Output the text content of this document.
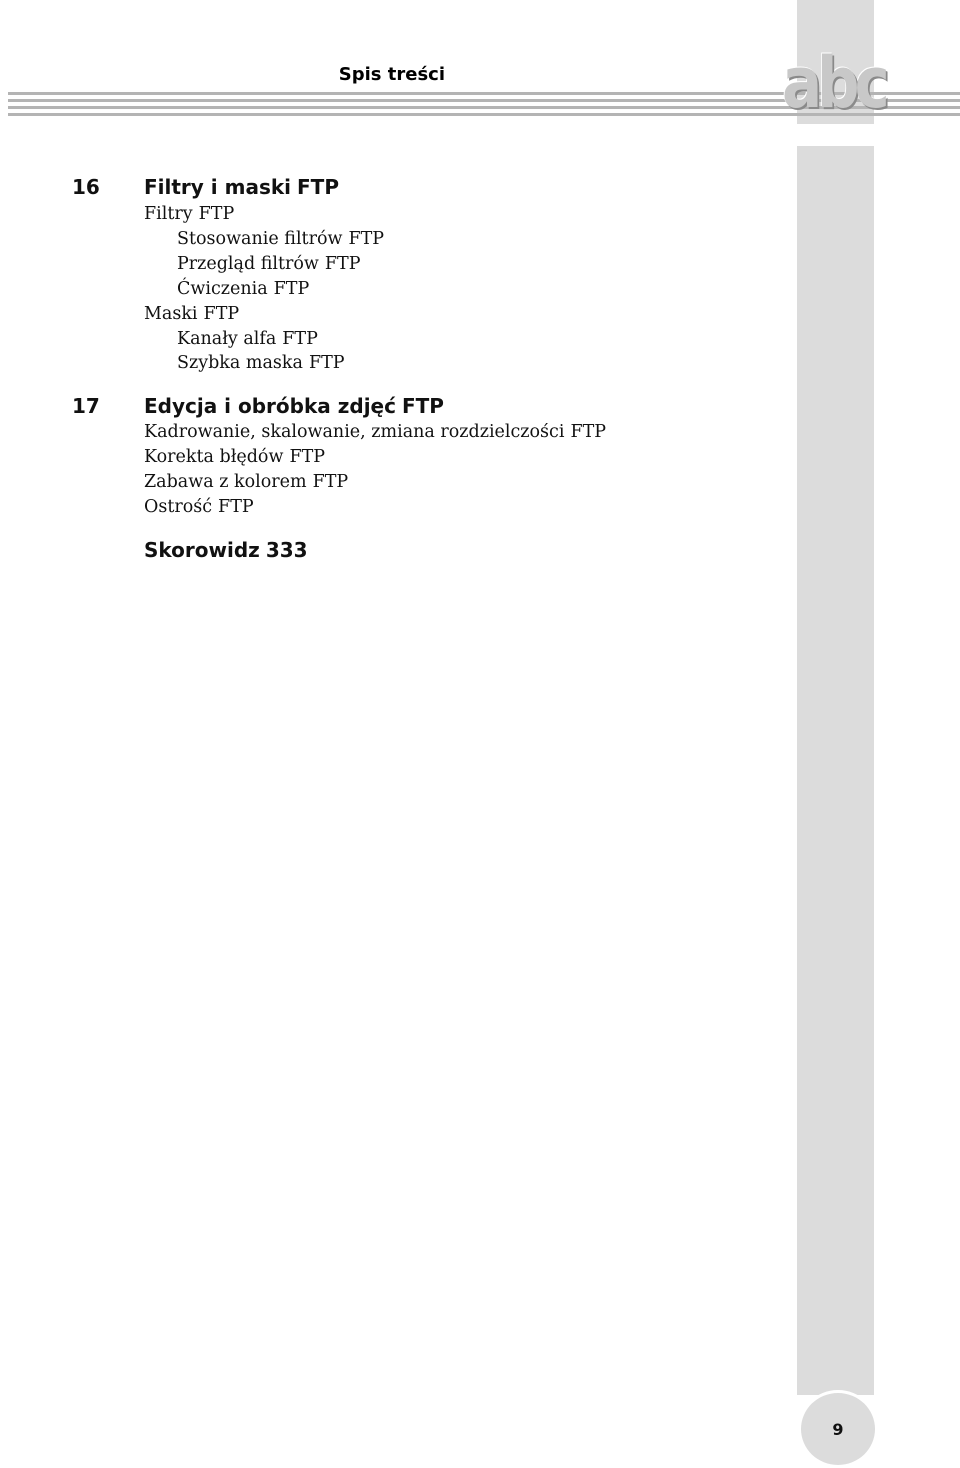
Spis treści	abc
16 Filtry i maski FTP
Filtry FTP
Stosowanie filtrów FTP
Przegląd filtrów FTP
Ćwiczenia FTP
Maski FTP
Kanały alfa FTP
Szybka maska FTP
17 Edycja i obróbka zdjęć FTP
Kadrowanie, skalowanie, zmiana rozdzielczości FTP
Korekta błędów FTP
Zabawa z kolorem FTP
Ostrość FTP
Skorowidz 333
9
